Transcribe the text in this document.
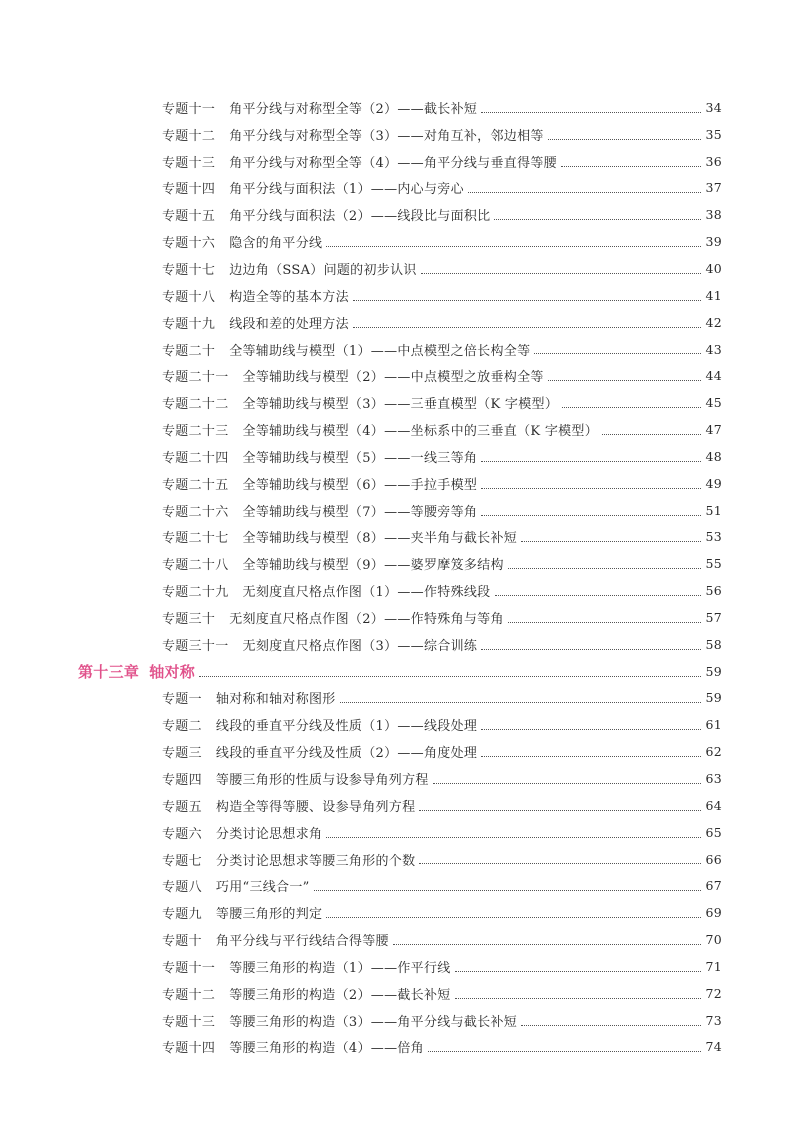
专题十一 角平分线与对称型全等（2）——截长补短	34
专题十二 角平分线与对称型全等（3）——对角互补，邻边相等	35
专题十三 角平分线与对称型全等（4）——角平分线与垂直得等腰	36
专题十四 角平分线与面积法（1）——内心与旁心	37
专题十五 角平分线与面积法（2）——线段比与面积比	38
专题十六 隐含的角平分线	39
专题十七 边边角（SSA）问题的初步认识	40
专题十八 构造全等的基本方法	41
专题十九 线段和差的处理方法	42
专题二十 全等辅助线与模型（1）——中点模型之倍长构全等	43
专题二十一 全等辅助线与模型（2）——中点模型之放垂构全等	44
专题二十二 全等辅助线与模型（3）——三垂直模型（K 字模型）	45
专题二十三 全等辅助线与模型（4）——坐标系中的三垂直（K 字模型）	47
专题二十四 全等辅助线与模型（5）——一线三等角	48
专题二十五 全等辅助线与模型（6）——手拉手模型	49
专题二十六 全等辅助线与模型（7）——等腰旁等角	51
专题二十七 全等辅助线与模型（8）——夹半角与截长补短	53
专题二十八 全等辅助线与模型（9）——婆罗摩笈多结构	55
专题二十九 无刻度直尺格点作图（1）——作特殊线段	56
专题三十 无刻度直尺格点作图（2）——作特殊角与等角	57
专题三十一 无刻度直尺格点作图（3）——综合训练	58
第十三章 轴对称	59
专题一 轴对称和轴对称图形	59
专题二 线段的垂直平分线及性质（1）——线段处理	61
专题三 线段的垂直平分线及性质（2）——角度处理	62
专题四 等腰三角形的性质与设参导角列方程	63
专题五 构造全等得等腰、设参导角列方程	64
专题六 分类讨论思想求角	65
专题七 分类讨论思想求等腰三角形的个数	66
专题八 巧用“三线合一”	67
专题九 等腰三角形的判定	69
专题十 角平分线与平行线结合得等腰	70
专题十一 等腰三角形的构造（1）——作平行线	71
专题十二 等腰三角形的构造（2）——截长补短	72
专题十三 等腰三角形的构造（3）——角平分线与截长补短	73
专题十四 等腰三角形的构造（4）——倍角	74
